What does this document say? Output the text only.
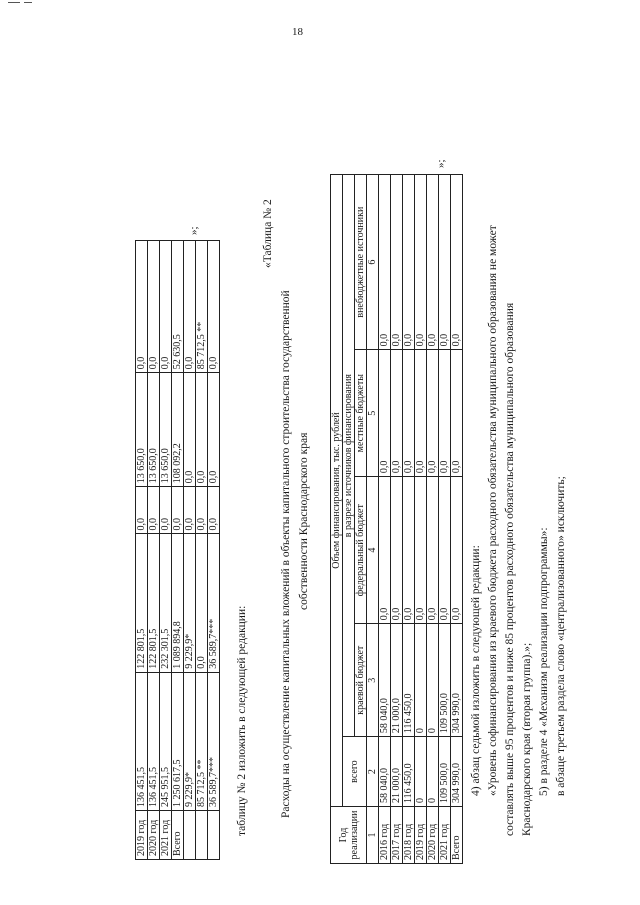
18
2019 год	136 451,5	122 801,5	0,0	13 650,0	0,0
2020 год	136 451,5	122 801,5	0,0	13 650,0	0,0
2021 год	245 951,5	232 301,5	0,0	13 650,0	0,0
Всего	1 250 617,5	1 089 894,8	0,0	108 092,2	52 630,5
	9 229,9*	9 229,9*	0,0	0,0	0,0
	85 712,5 **	0,0	0,0	0,0	85 712,5 **
	36 589,7***	36 589,7***	0,0	0,0	0,0
»;
таблицу № 2 изложить в следующей редакции:
«Таблица № 2
Расходы на осуществление капитальных вложений в объекты капитального строительства государственной собственности Краснодарского края
Год реализации	Объем финансирования, тыс. рублей				
	всего	в разрезе источников финансирования			
		краевой бюджет	федеральный бюджет	местные бюджеты	внебюджетные источники
1	2	3	4	5	6
2016 год	58 040,0	58 040,0	0,0	0,0	0,0
2017 год	21 000,0	21 000,0	0,0	0,0	0,0
2018 год	116 450,0	116 450,0	0,0	0,0	0,0
2019 год	0	0	0,0	0,0	0,0
2020 год	0	0	0,0	0,0	0,0
2021 год	109 500,0	109 500,0	0,0	0,0	0,0
Всего	304 990,0	304 990,0	0,0	0,0	0,0
»;
4) абзац седьмой изложить в следующей редакции: «Уровень софинансирования из краевого бюджета расходного обязательства муниципального образования не может составлять выше 95 процентов и ниже 85 процентов расходного обязательства муниципального образования Краснодарского края (вторая группа).»; 5) в разделе 4 «Механизм реализации подпрограммы»: в абзаце третьем раздела слово «централизованного» исключить;
